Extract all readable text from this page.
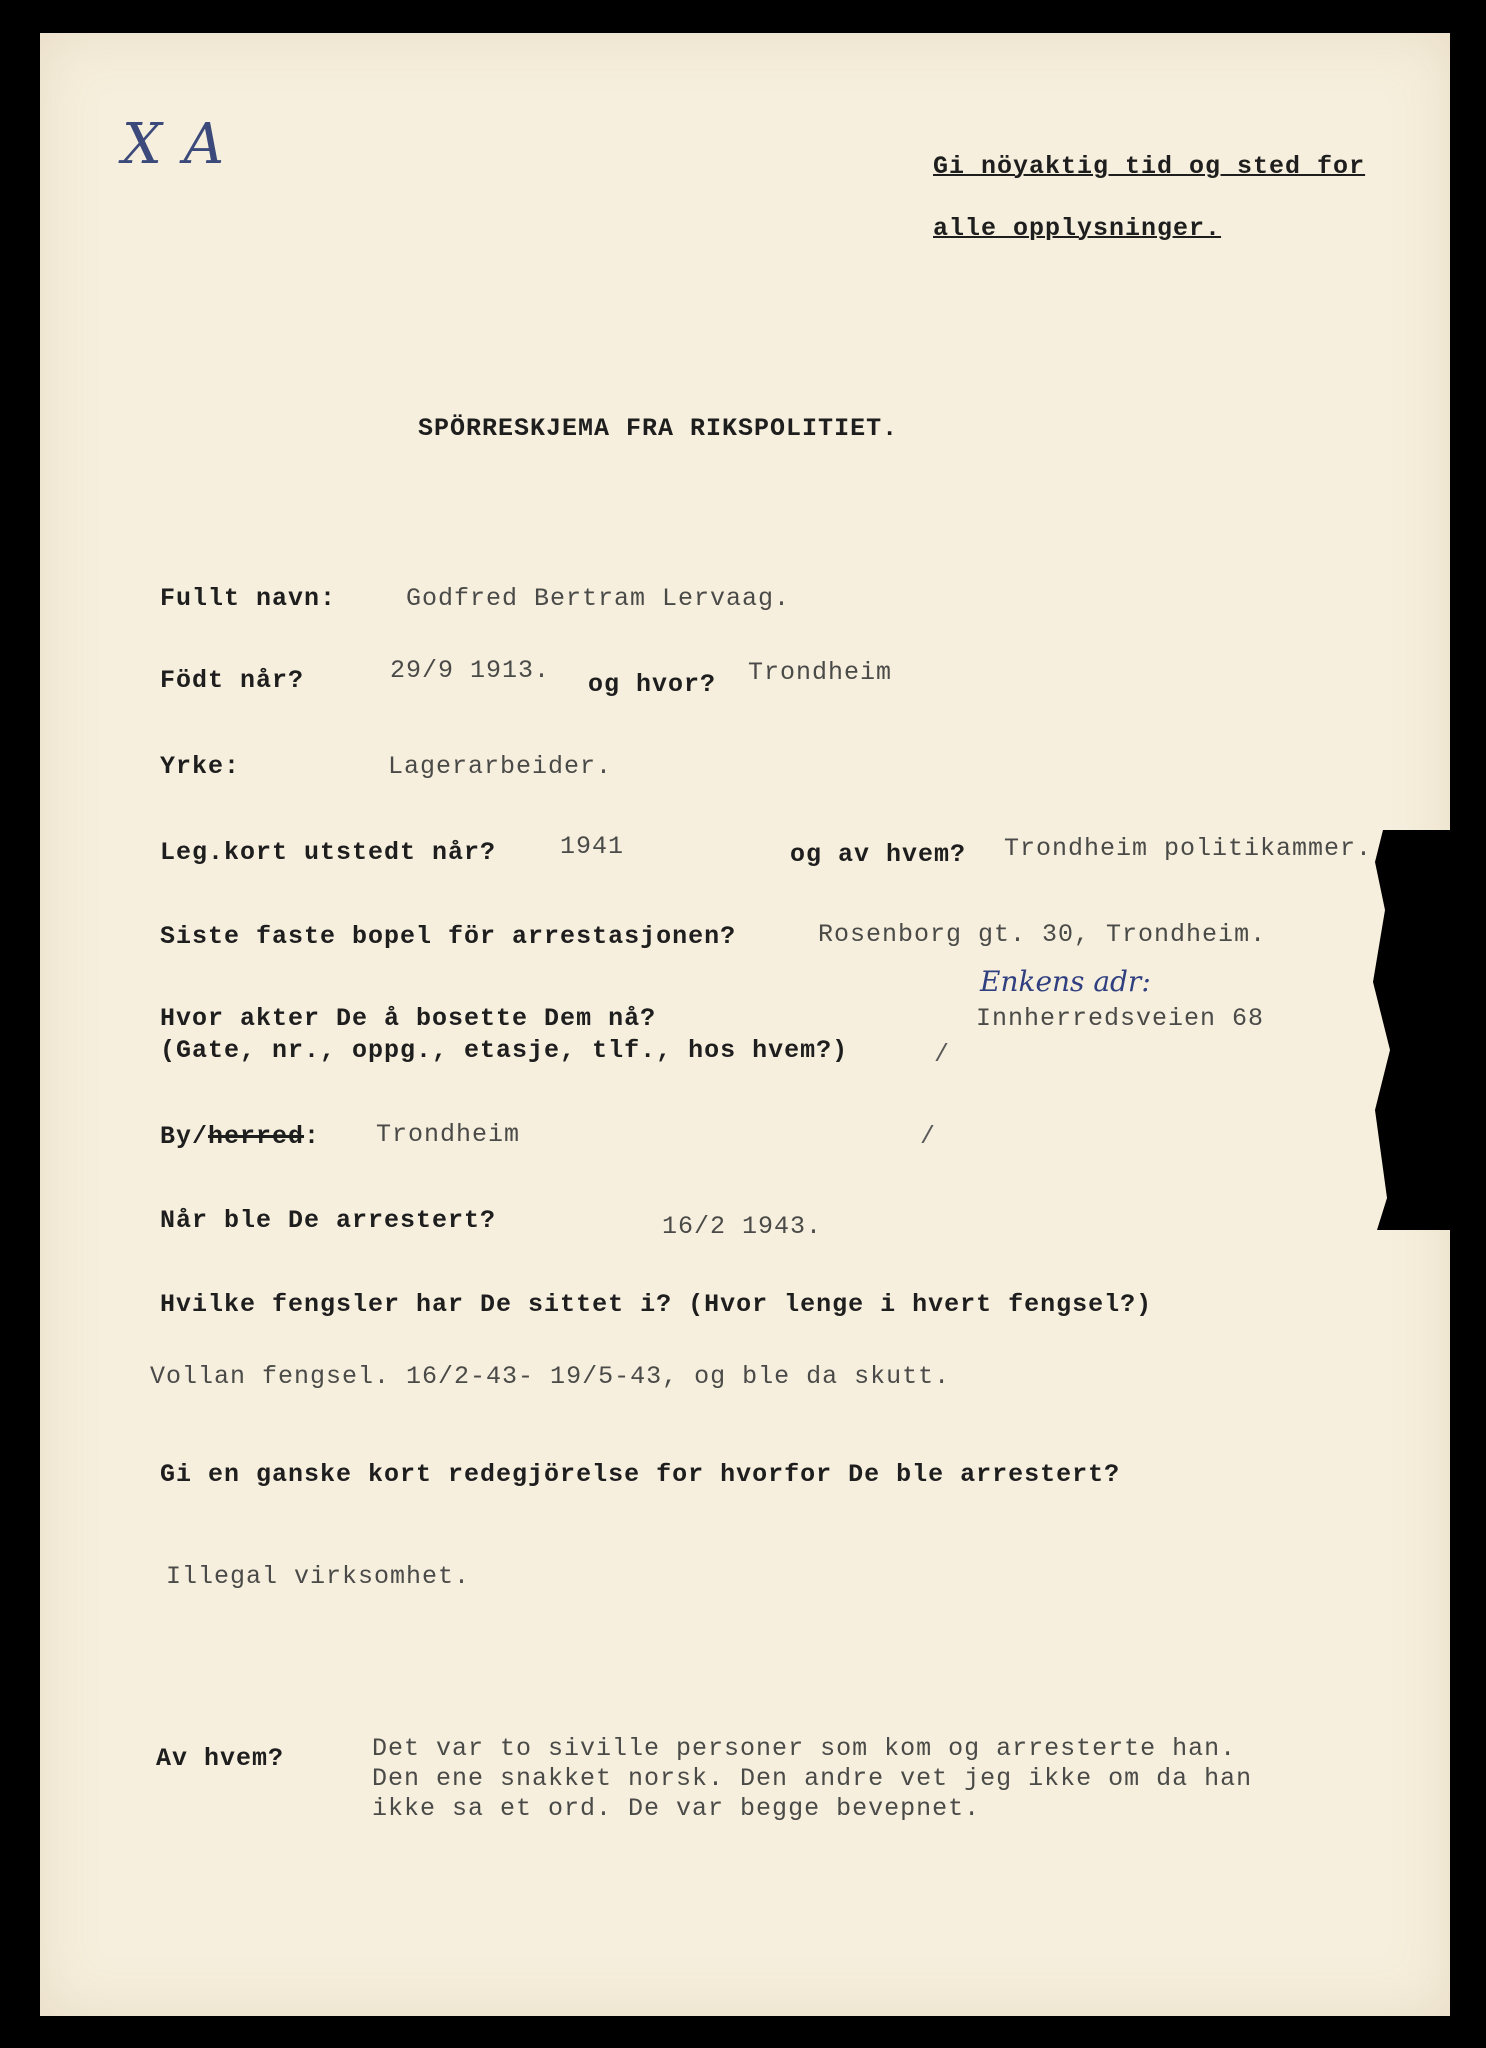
X A	Gi nöyaktig tid og sted for
alle opplysninger.
SPÖRRESKJEMA FRA RIKSPOLITIET.
Fullt navn:	Godfred Bertram Lervaag.
Födt når?	29/9 1913. og hvor? Trondheim
Yrke:	Lagerarbeider.
Leg.kort utstedt når?	1941	og av hvem? Trondheim politikammer.
Siste faste bopel för arrestasjonen?	Rosenborg gt. 30, Trondheim.
Enkens adr:
Hvor akter De å bosette Dem nå?
(Gate, nr., oppg., etasje, tlf., hos hvem?)
Innherredsveien 68
/
By/herred: Trondheim	/
Når ble De arrestert?	16/2 1943.
Hvilke fengsler har De sittet i? (Hvor lenge i hvert fengsel?)
Vollan fengsel. 16/2-43- 19/5-43, og ble da skutt.
Gi en ganske kort redegjörelse for hvorfor De ble arrestert?
Illegal virksomhet.
Av hvem?	Det var to siville personer som kom og arresterte han.
Den ene snakket norsk. Den andre vet jeg ikke om da han
ikke sa et ord. De var begge bevepnet.
